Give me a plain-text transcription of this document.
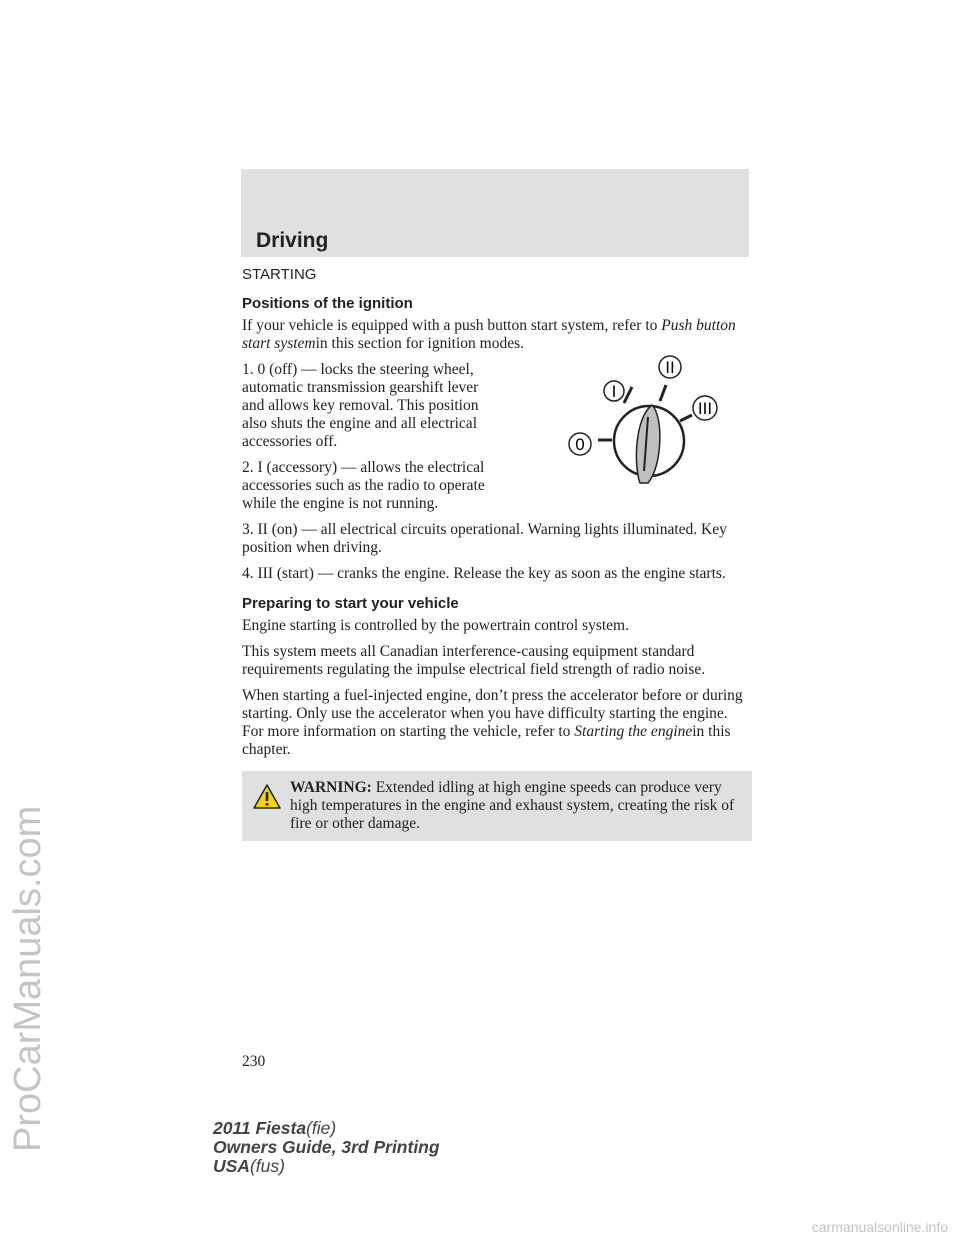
ProCarManuals.com
carmanualsonline.info
Driving
STARTING
Positions of the ignition

If your vehicle is equipped with a push button start system, refer to Push button start systemin this section for ignition modes.

I
II
III
0

1. 0 (off) — locks the steering wheel, automatic transmission gearshift lever and allows key removal. This position also shuts the engine and all electrical accessories off.

2. I (accessory) — allows the electrical accessories such as the radio to operate while the engine is not running.

3. II (on) — all electrical circuits operational. Warning lights illuminated. Key position when driving.

4. III (start) — cranks the engine. Release the key as soon as the engine starts.

Preparing to start your vehicle

Engine starting is controlled by the powertrain control system.

This system meets all Canadian interference-causing equipment standard requirements regulating the impulse electrical field strength of radio noise.

When starting a fuel-injected engine, don’t press the accelerator before or during starting. Only use the accelerator when you have difficulty starting the engine. For more information on starting the vehicle, refer to Starting the enginein this chapter.

WARNING: Extended idling at high engine speeds can produce very high temperatures in the engine and exhaust system, creating the risk of fire or other damage.
230
2011 Fiesta(fie)
Owners Guide, 3rd Printing
USA(fus)
